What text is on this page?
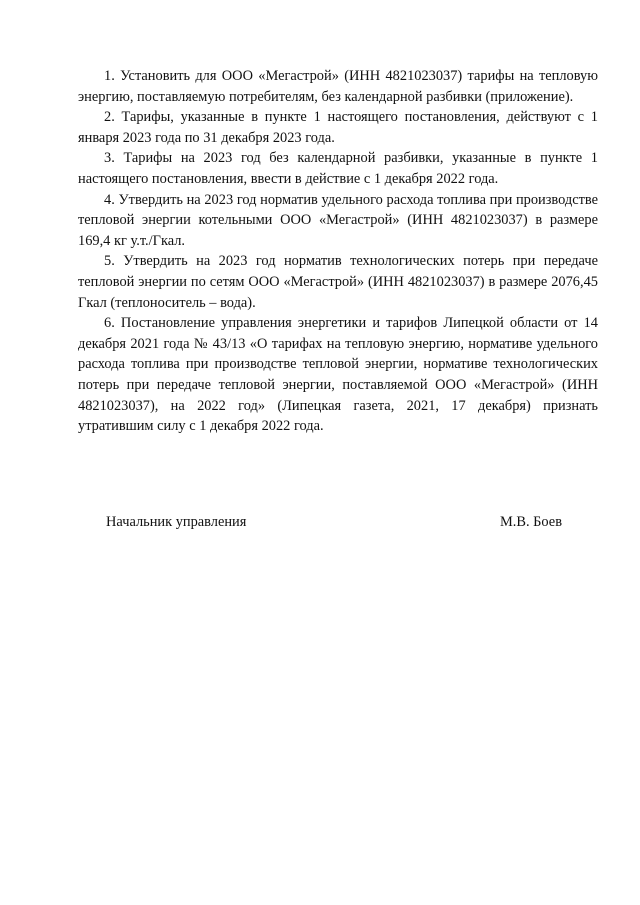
1. Установить для ООО «Мегастрой» (ИНН 4821023037) тарифы на тепловую энергию, поставляемую потребителям, без календарной разбивки (приложение).

2. Тарифы, указанные в пункте 1 настоящего постановления, действуют с 1 января 2023 года по 31 декабря 2023 года.

3. Тарифы на 2023 год без календарной разбивки, указанные в пункте 1 настоящего постановления, ввести в действие с 1 декабря 2022 года.

4. Утвердить на 2023 год норматив удельного расхода топлива при производстве тепловой энергии котельными ООО «Мегастрой» (ИНН 4821023037) в размере 169,4 кг у.т./Гкал.

5. Утвердить на 2023 год норматив технологических потерь при передаче тепловой энергии по сетям ООО «Мегастрой» (ИНН 4821023037) в размере 2076,45 Гкал (теплоноситель – вода).

6. Постановление управления энергетики и тарифов Липецкой области от 14 декабря 2021 года № 43/13 «О тарифах на тепловую энергию, нормативе удельного расхода топлива при производстве тепловой энергии, нормативе технологических потерь при передаче тепловой энергии, поставляемой ООО «Мегастрой» (ИНН 4821023037), на 2022 год» (Липецкая газета, 2021, 17 декабря) признать утратившим силу с 1 декабря 2022 года.

Начальник управления	М.В. Боев
